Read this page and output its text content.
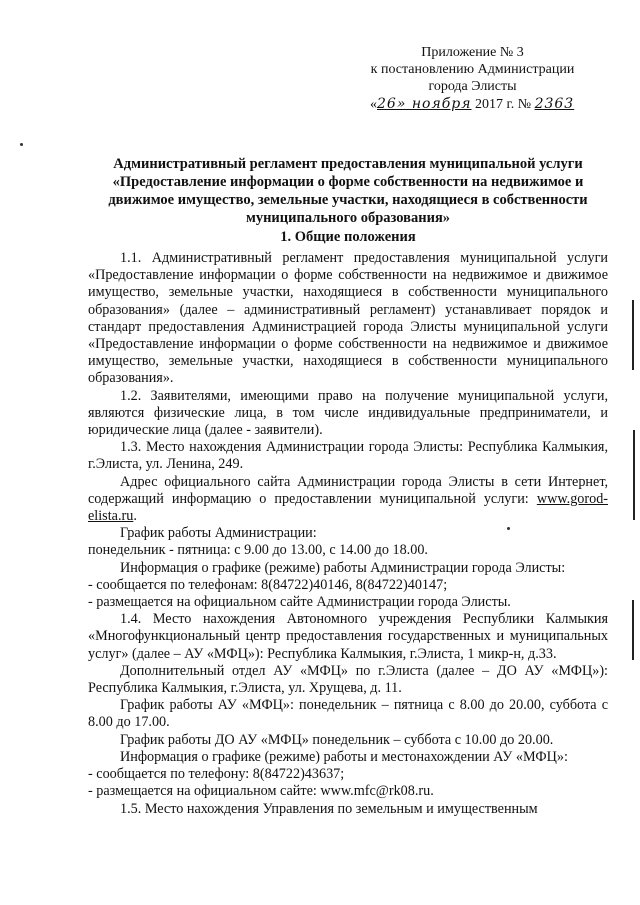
Приложение № 3
к постановлению Администрации
города Элисты
«26» ноября 2017 г. № 2363
Административный регламент предоставления муниципальной услуги
«Предоставление информации о форме собственности на недвижимое и
движимое имущество, земельные участки, находящиеся в собственности
муниципального образования»
1. Общие положения

1.1. Административный регламент предоставления муниципальной услуги «Предоставление информации о форме собственности на недвижимое и движимое имущество, земельные участки, находящиеся в собственности муниципального образования» (далее – административный регламент) устанавливает порядок и стандарт предоставления Администрацией города Элисты муниципальной услуги «Предоставление информации о форме собственности на недвижимое и движимое имущество, земельные участки, находящиеся в собственности муниципального образования».

1.2. Заявителями, имеющими право на получение муниципальной услуги, являются физические лица, в том числе индивидуальные предприниматели, и юридические лица (далее - заявители).

1.3. Место нахождения Администрации города Элисты: Республика Калмыкия, г.Элиста, ул. Ленина, 249.

Адрес официального сайта Администрации города Элисты в сети Интернет, содержащий информацию о предоставлении муниципальной услуги: www.gorod-elista.ru.

График работы Администрации:

понедельник - пятница: с 9.00 до 13.00, с 14.00 до 18.00.

Информация о графике (режиме) работы Администрации города Элисты:

- сообщается по телефонам: 8(84722)40146, 8(84722)40147;

- размещается на официальном сайте Администрации города Элисты.

1.4. Место нахождения Автономного учреждения Республики Калмыкия «Многофункциональный центр предоставления государственных и муниципальных услуг» (далее – АУ «МФЦ»): Республика Калмыкия, г.Элиста, 1 микр-н, д.33.

Дополнительный отдел АУ «МФЦ» по г.Элиста (далее – ДО АУ «МФЦ»): Республика Калмыкия, г.Элиста, ул. Хрущева, д. 11.

График работы АУ «МФЦ»: понедельник – пятница с 8.00 до 20.00, суббота с 8.00 до 17.00.

График работы ДО АУ «МФЦ» понедельник – суббота с 10.00 до 20.00.

Информация о графике (режиме) работы и местонахождении АУ «МФЦ»:

- сообщается по телефону: 8(84722)43637;

- размещается на официальном сайте: www.mfc@rk08.ru.

1.5. Место нахождения Управления по земельным и имущественным
